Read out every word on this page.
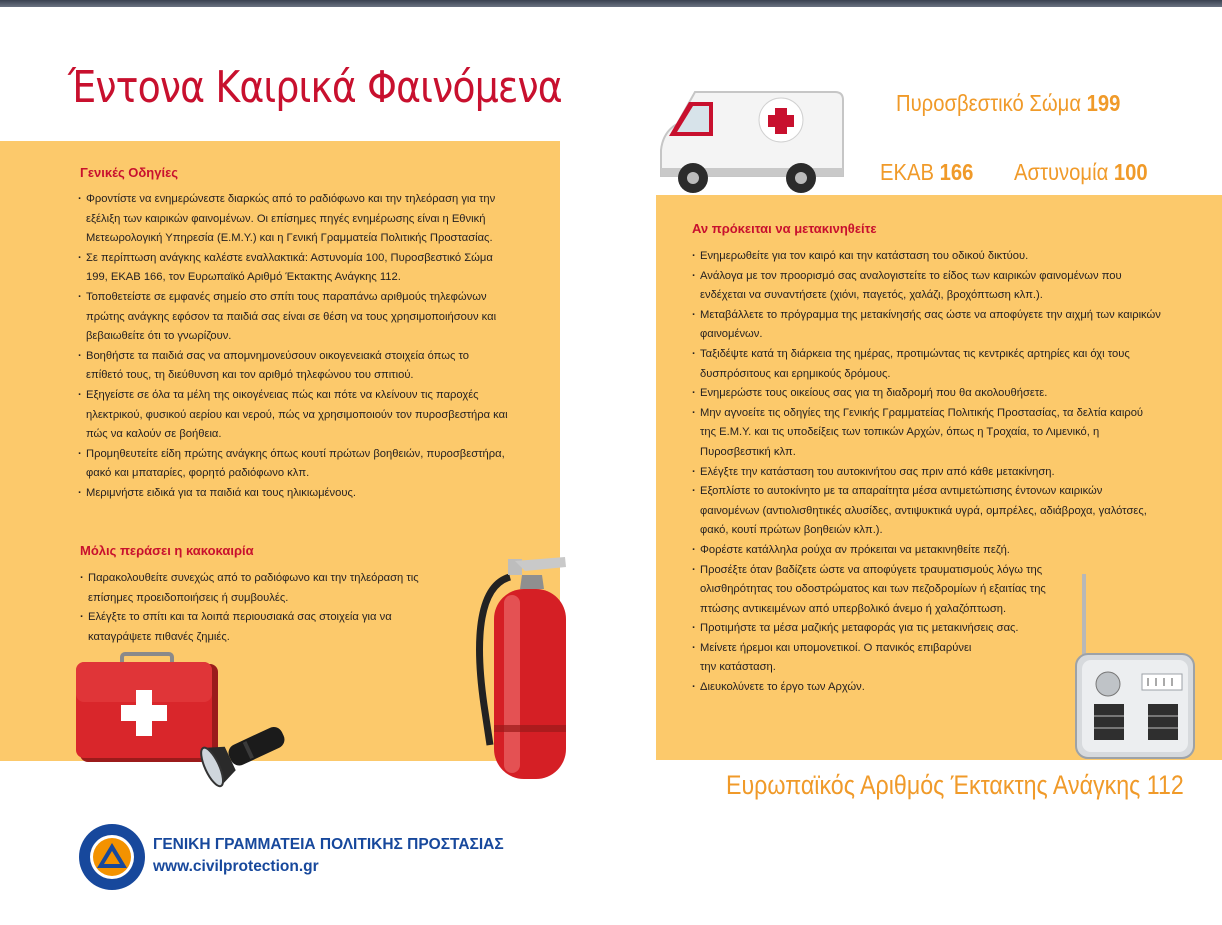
Έντονα Καιρικά Φαινόμενα
Γενικές Οδηγίες
· Φροντίστε να ενημερώνεστε διαρκώς από το ραδιόφωνο και την τηλεόραση για την εξέλιξη των καιρικών φαινομένων. Οι επίσημες πηγές ενημέρωσης είναι η Εθνική Μετεωρολογική Υπηρεσία (Ε.Μ.Υ.) και η Γενική Γραμματεία Πολιτικής Προστασίας.
· Σε περίπτωση ανάγκης καλέστε εναλλακτικά: Αστυνομία 100, Πυροσβεστικό Σώμα 199, ΕΚΑΒ 166, τον Ευρωπαϊκό Αριθμό Έκτακτης Ανάγκης 112.
· Τοποθετείστε σε εμφανές σημείο στο σπίτι τους παραπάνω αριθμούς τηλεφώνων πρώτης ανάγκης εφόσον τα παιδιά σας είναι σε θέση να τους χρησιμοποιήσουν και βεβαιωθείτε ότι το γνωρίζουν.
· Βοηθήστε τα παιδιά σας να απομνημονεύσουν οικογενειακά στοιχεία όπως το επίθετό τους, τη διεύθυνση και τον αριθμό τηλεφώνου του σπιτιού.
· Εξηγείστε σε όλα τα μέλη της οικογένειας πώς και πότε να κλείνουν τις παροχές ηλεκτρικού, φυσικού αερίου και νερού, πώς να χρησιμοποιούν τον πυροσβεστήρα και πώς να καλούν σε βοήθεια.
· Προμηθευτείτε είδη πρώτης ανάγκης όπως κουτί πρώτων βοηθειών, πυροσβεστήρα, φακό και μπαταρίες, φορητό ραδιόφωνο κλπ.
· Μεριμνήστε ειδικά για τα παιδιά και τους ηλικιωμένους.
Μόλις περάσει η κακοκαιρία
· Παρακολουθείτε συνεχώς από το ραδιόφωνο και την τηλεόραση τις επίσημες προειδοποιήσεις ή συμβουλές.
· Ελέγξτε το σπίτι και τα λοιπά περιουσιακά σας στοιχεία για να καταγράψετε πιθανές ζημιές.
Πυροσβεστικό Σώμα 199
ΕΚΑΒ 166 Αστυνομία 100
Αν πρόκειται να μετακινηθείτε
· Ενημερωθείτε για τον καιρό και την κατάσταση του οδικού δικτύου.
· Ανάλογα με τον προορισμό σας αναλογιστείτε το είδος των καιρικών φαινομένων που ενδέχεται να συναντήσετε (χιόνι, παγετός, χαλάζι, βροχόπτωση κλπ.).
· Μεταβάλλετε το πρόγραμμα της μετακίνησής σας ώστε να αποφύγετε την αιχμή των καιρικών φαινομένων.
· Ταξιδέψτε κατά τη διάρκεια της ημέρας, προτιμώντας τις κεντρικές αρτηρίες και όχι τους δυσπρόσιτους και ερημικούς δρόμους.
· Ενημερώστε τους οικείους σας για τη διαδρομή που θα ακολουθήσετε.
· Μην αγνοείτε τις οδηγίες της Γενικής Γραμματείας Πολιτικής Προστασίας, τα δελτία καιρού της Ε.Μ.Υ. και τις υποδείξεις των τοπικών Αρχών, όπως η Τροχαία, το Λιμενικό, η Πυροσβεστική κλπ.
· Ελέγξτε την κατάσταση του αυτοκινήτου σας πριν από κάθε μετακίνηση.
· Εξοπλίστε το αυτοκίνητο με τα απαραίτητα μέσα αντιμετώπισης έντονων καιρικών φαινομένων (αντιολισθητικές αλυσίδες, αντιψυκτικά υγρά, ομπρέλες, αδιάβροχα, γαλότσες, φακό, κουτί πρώτων βοηθειών κλπ.).
· Φορέστε κατάλληλα ρούχα αν πρόκειται να μετακινηθείτε πεζή.
· Προσέξτε όταν βαδίζετε ώστε να αποφύγετε τραυματισμούς λόγω της ολισθηρότητας του οδοστρώματος και των πεζοδρομίων ή εξαιτίας της πτώσης αντικειμένων από υπερβολικό άνεμο ή χαλαζόπτωση.
· Προτιμήστε τα μέσα μαζικής μεταφοράς για τις μετακινήσεις σας.
· Μείνετε ήρεμοι και υπομονετικοί. Ο πανικός επιβαρύνει την κατάσταση.
· Διευκολύνετε το έργο των Αρχών.
Ευρωπαϊκός Αριθμός Έκτακτης Ανάγκης 112
ΓΕΝΙΚΗ ΓΡΑΜΜΑΤΕΙΑ ΠΟΛΙΤΙΚΗΣ ΠΡΟΣΤΑΣΙΑΣ
www.civilprotection.gr
